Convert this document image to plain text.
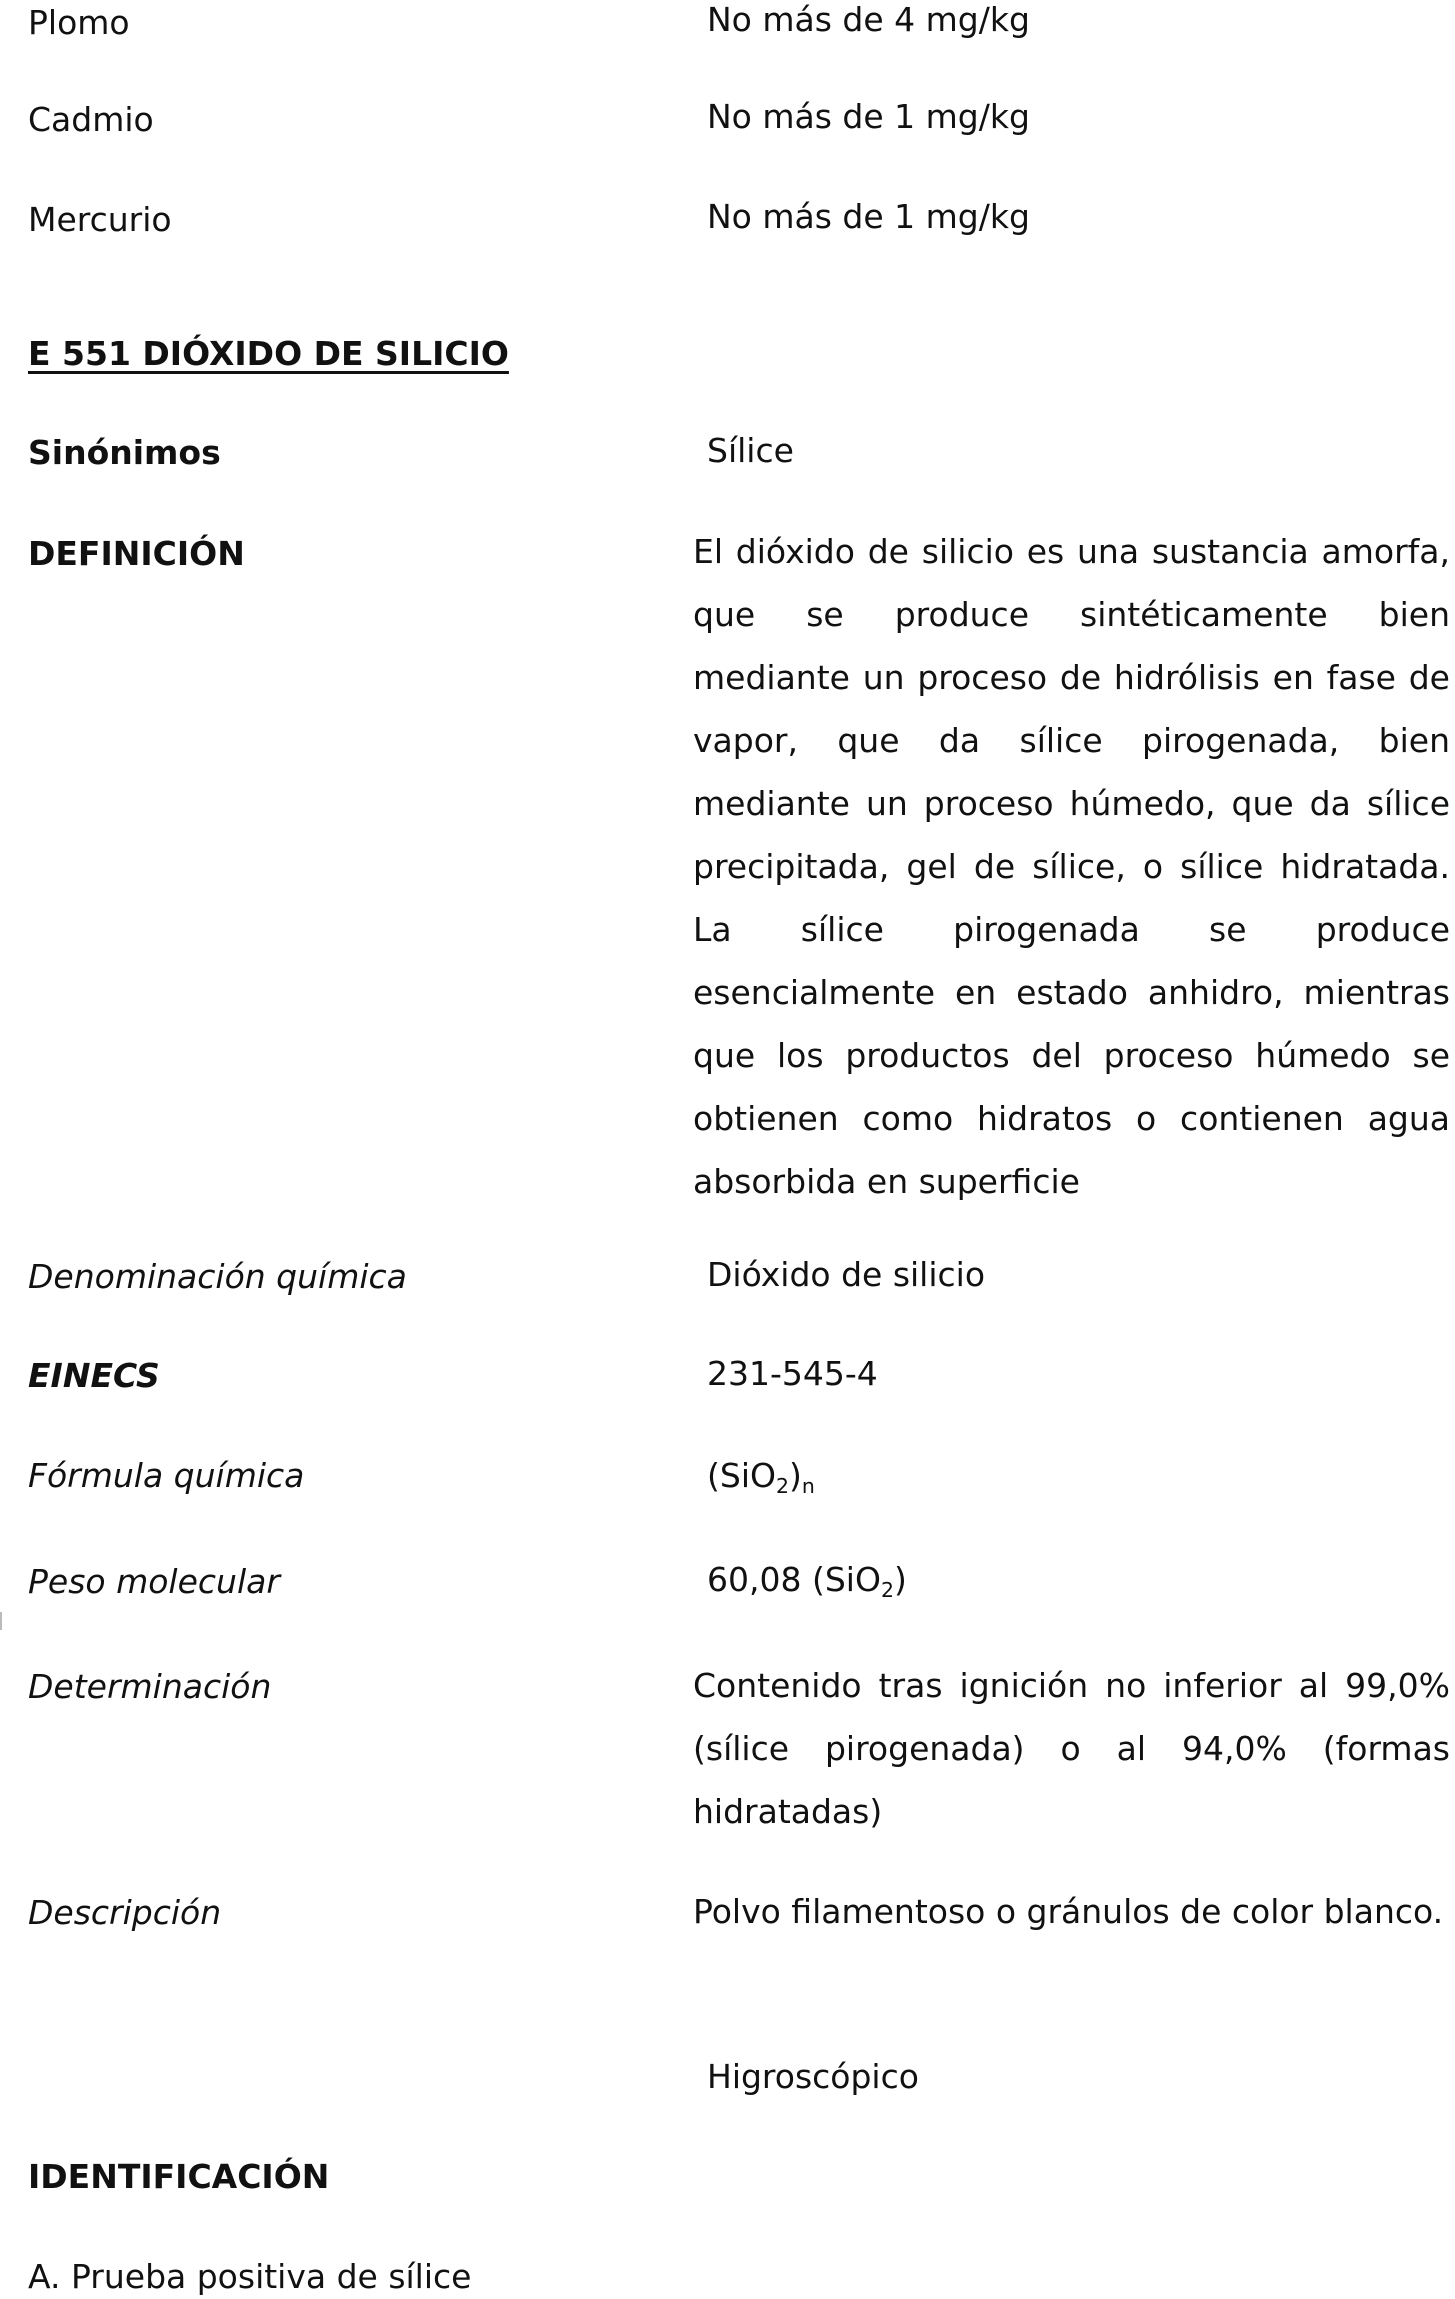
Plomo	No más de 4 mg/kg
Cadmio	No más de 1 mg/kg
Mercurio	No más de 1 mg/kg
E 551 DIÓXIDO DE SILICIO
Sinónimos	Sílice
DEFINICIÓN	El dióxido de silicio es una sustancia amorfa, que se produce sintéticamente bien mediante un proceso de hidrólisis en fase de vapor, que da sílice pirogenada, bien mediante un proceso húmedo, que da sílice precipitada, gel de sílice, o sílice hidratada. La sílice pirogenada se produce esencialmente en estado anhidro, mientras que los productos del proceso húmedo se obtienen como hidratos o contienen agua absorbida en superficie
Denominación química	Dióxido de silicio
EINECS	231-545-4
Fórmula química	$(SiO_2)_n$
Peso molecular	60,08 (SiO$_2$)
Determinación	Contenido tras ignición no inferior al 99,0% (sílice pirogenada) o al 94,0% (formas hidratadas)
Descripción	Polvo filamentoso o gránulos de color blanco.
Higroscópico
IDENTIFICACIÓN
A. Prueba positiva de sílice
